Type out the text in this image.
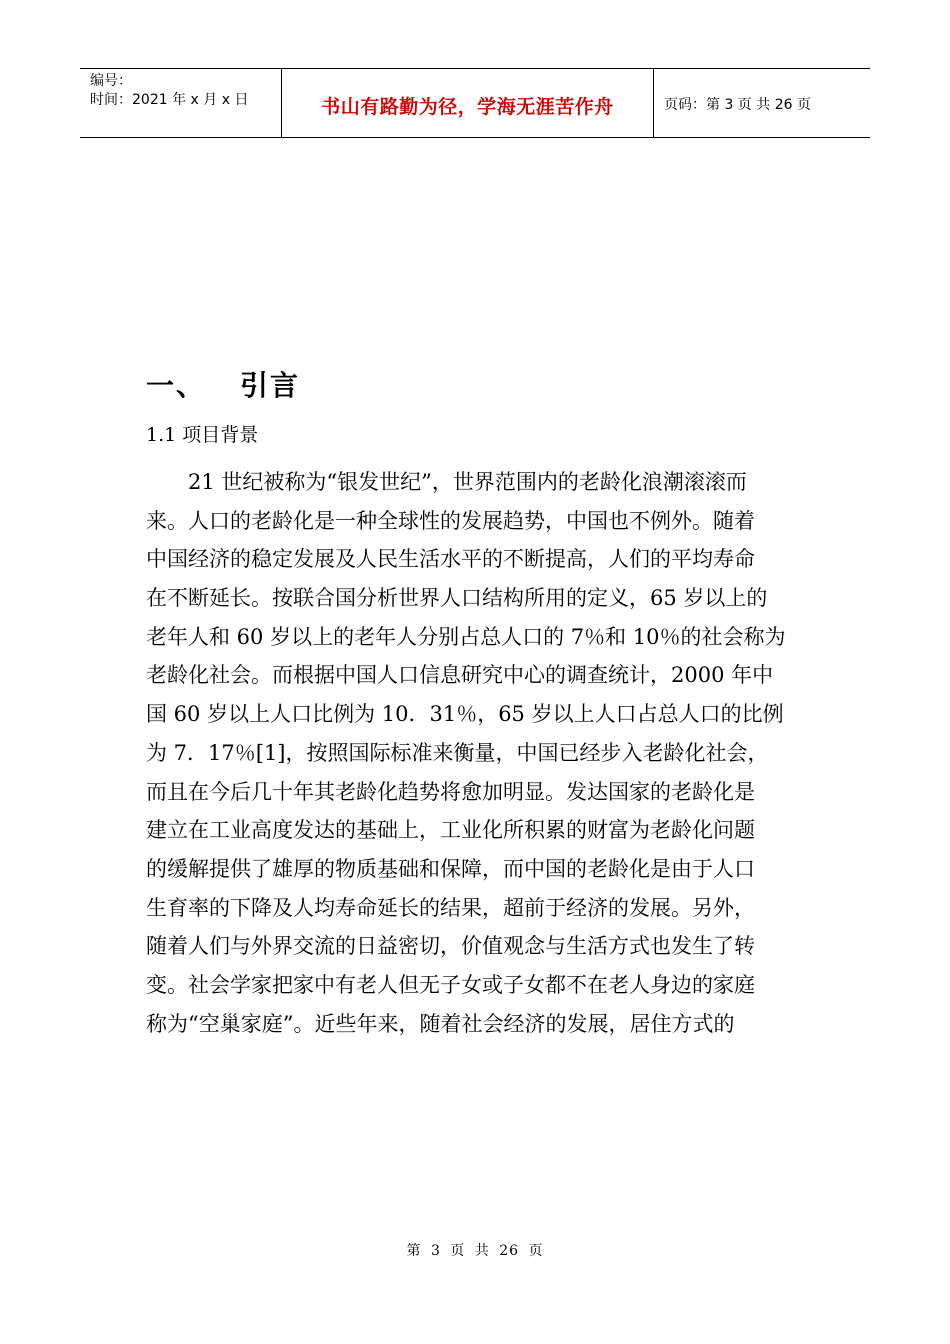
编号：
时间：2021 年 x 月 x 日	书山有路勤为径，学海无涯苦作舟	页码：第 3 页 共 26 页
一、 引言
1.1 项目背景
21 世纪被称为“银发世纪”，世界范围内的老龄化浪潮滚滚而
来。人口的老龄化是一种全球性的发展趋势，中国也不例外。随着
中国经济的稳定发展及人民生活水平的不断提高，人们的平均寿命
在不断延长。按联合国分析世界人口结构所用的定义，65 岁以上的
老年人和 60 岁以上的老年人分别占总人口的 7％和 10％的社会称为
老龄化社会。而根据中国人口信息研究中心的调查统计，2000 年中
国 60 岁以上人口比例为 10．31％，65 岁以上人口占总人口的比例
为 7．17％[1]，按照国际标准来衡量，中国已经步入老龄化社会，
而且在今后几十年其老龄化趋势将愈加明显。发达国家的老龄化是
建立在工业高度发达的基础上，工业化所积累的财富为老龄化问题
的缓解提供了雄厚的物质基础和保障，而中国的老龄化是由于人口
生育率的下降及人均寿命延长的结果，超前于经济的发展。另外，
随着人们与外界交流的日益密切，价值观念与生活方式也发生了转
变。社会学家把家中有老人但无子女或子女都不在老人身边的家庭
称为“空巢家庭”。近些年来，随着社会经济的发展，居住方式的
第 3 页 共 26 页
